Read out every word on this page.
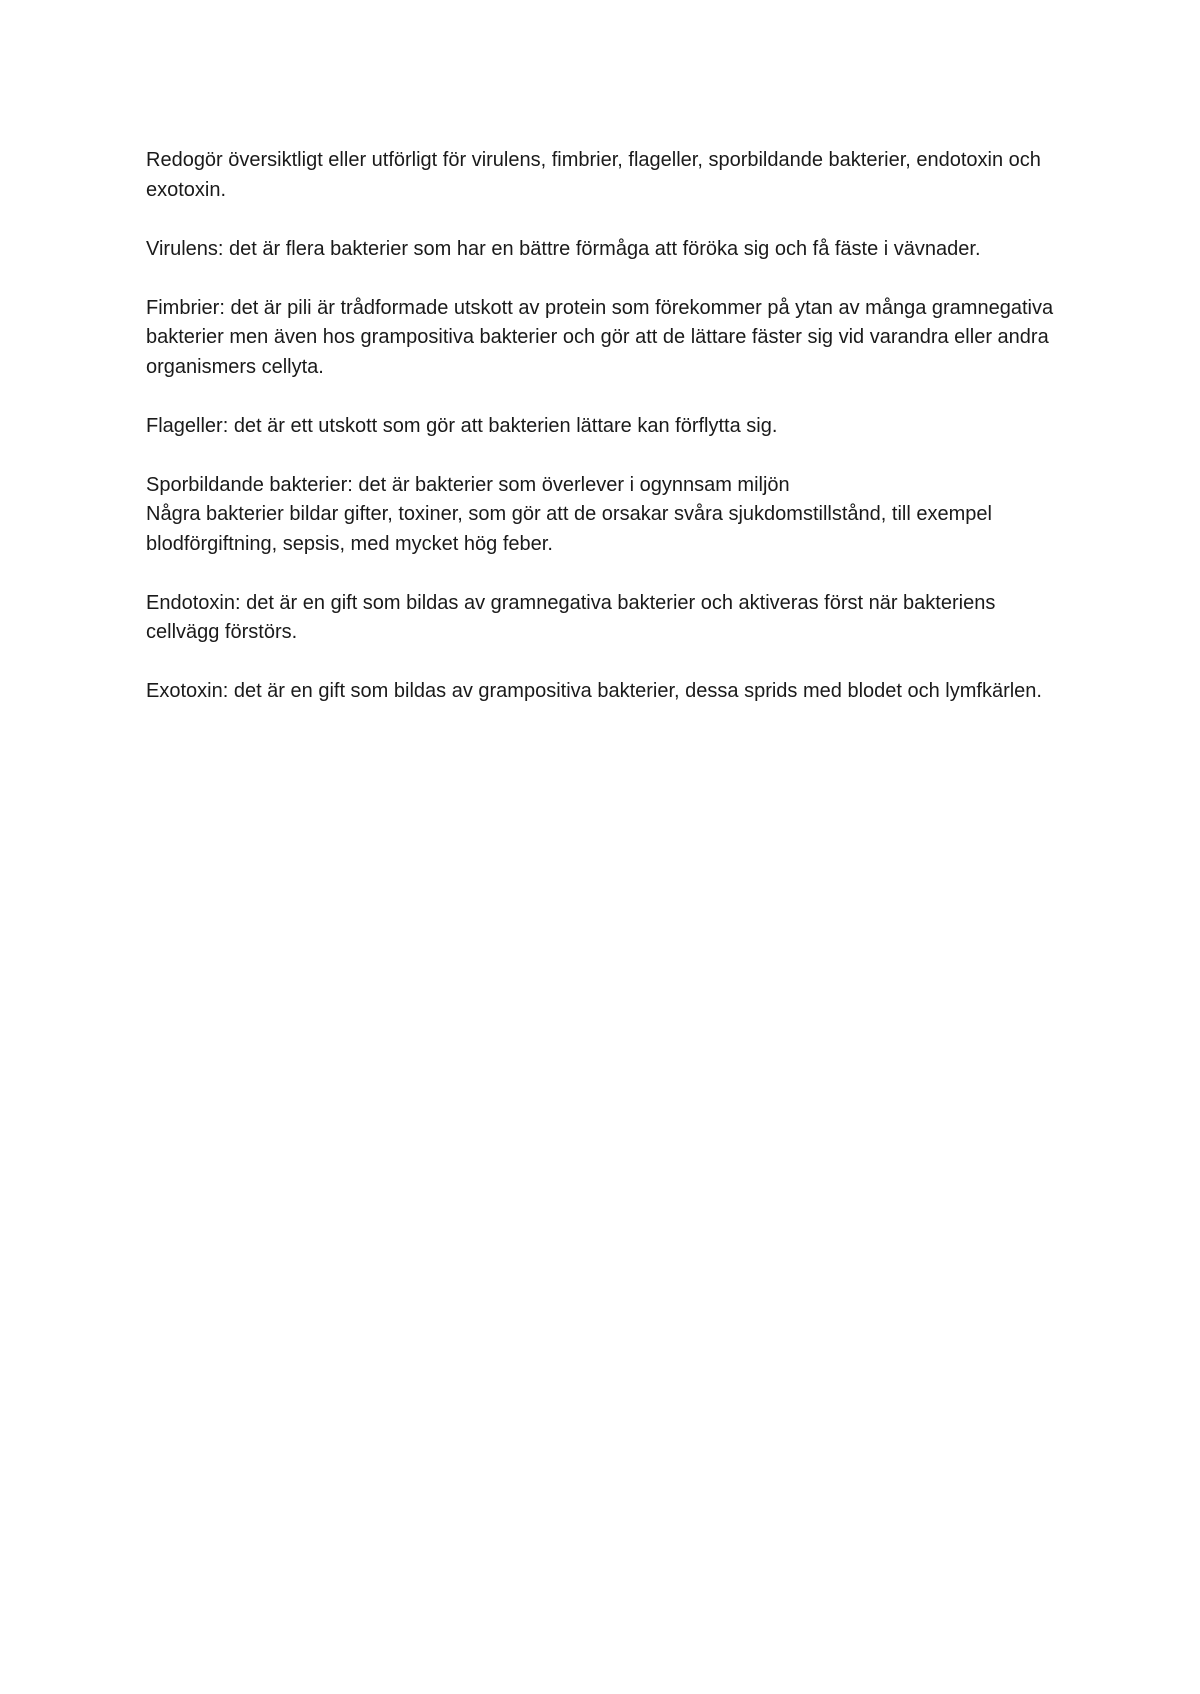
Redogör översiktligt eller utförligt för virulens, fimbrier, flageller, sporbildande bakterier, endotoxin och exotoxin.

Virulens: det är flera bakterier som har en bättre förmåga att föröka sig och få fäste i vävnader.

Fimbrier: det är pili är trådformade utskott av protein som förekommer på ytan av många gramnegativa bakterier men även hos grampositiva bakterier och gör att de lättare fäster sig vid varandra eller andra organismers cellyta.

Flageller: det är ett utskott som gör att bakterien lättare kan förflytta sig.

Sporbildande bakterier: det är bakterier som överlever i ogynnsam miljön

Några bakterier bildar gifter, toxiner, som gör att de orsakar svåra sjukdomstillstånd, till exempel blodförgiftning, sepsis, med mycket hög feber.

Endotoxin: det är en gift som bildas av gramnegativa bakterier och aktiveras först när bakteriens cellvägg förstörs.

Exotoxin: det är en gift som bildas av grampositiva bakterier, dessa sprids med blodet och lymfkärlen.
